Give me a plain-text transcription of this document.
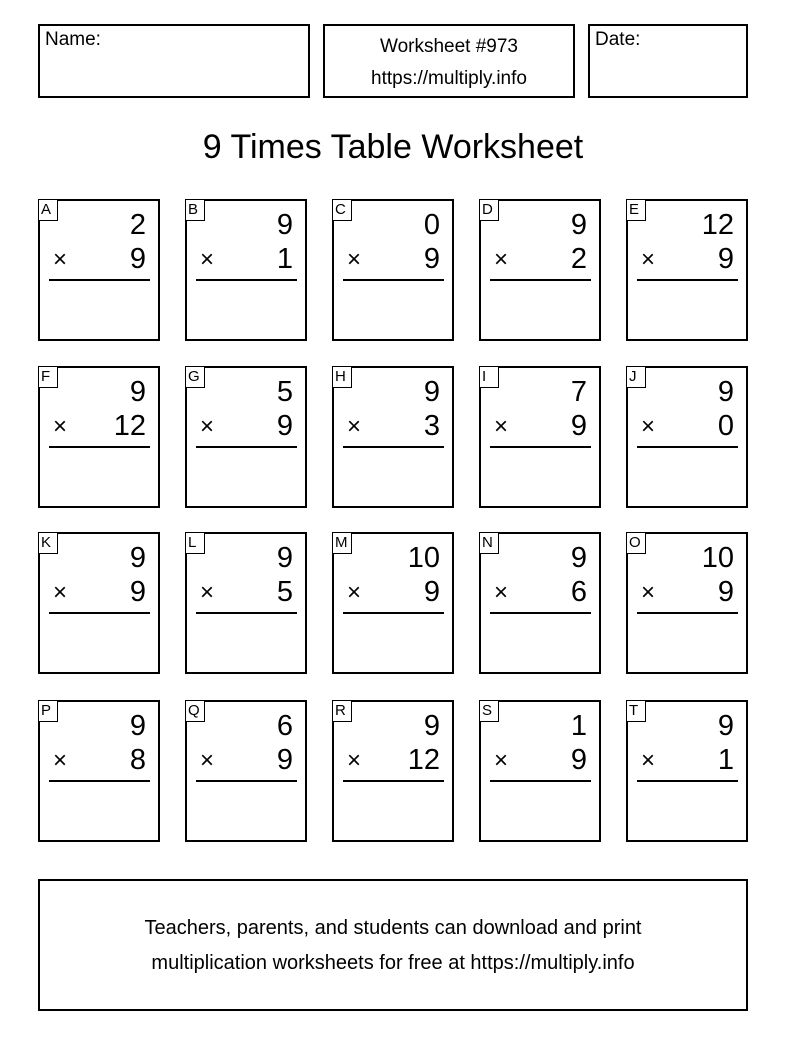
Name:	Worksheet #973
https://multiply.info
Date:
9 Times Table Worksheet
A	2
× 9
B	9
× 1
C	0
× 9
D	9
× 2
E 12
× 9
F	9
× 12
G	5
× 9
H	9
× 3
I	7
× 9
J	9
× 0
K	9
× 9
L	9
× 5
M 10
× 9
N	9
× 6
O 10
× 9
P	9
× 8
Q	6
× 9
R	9
× 12
S	1
× 9
T	9
× 1
Teachers, parents, and students can download and print
multiplication worksheets for free at https://multiply.info
